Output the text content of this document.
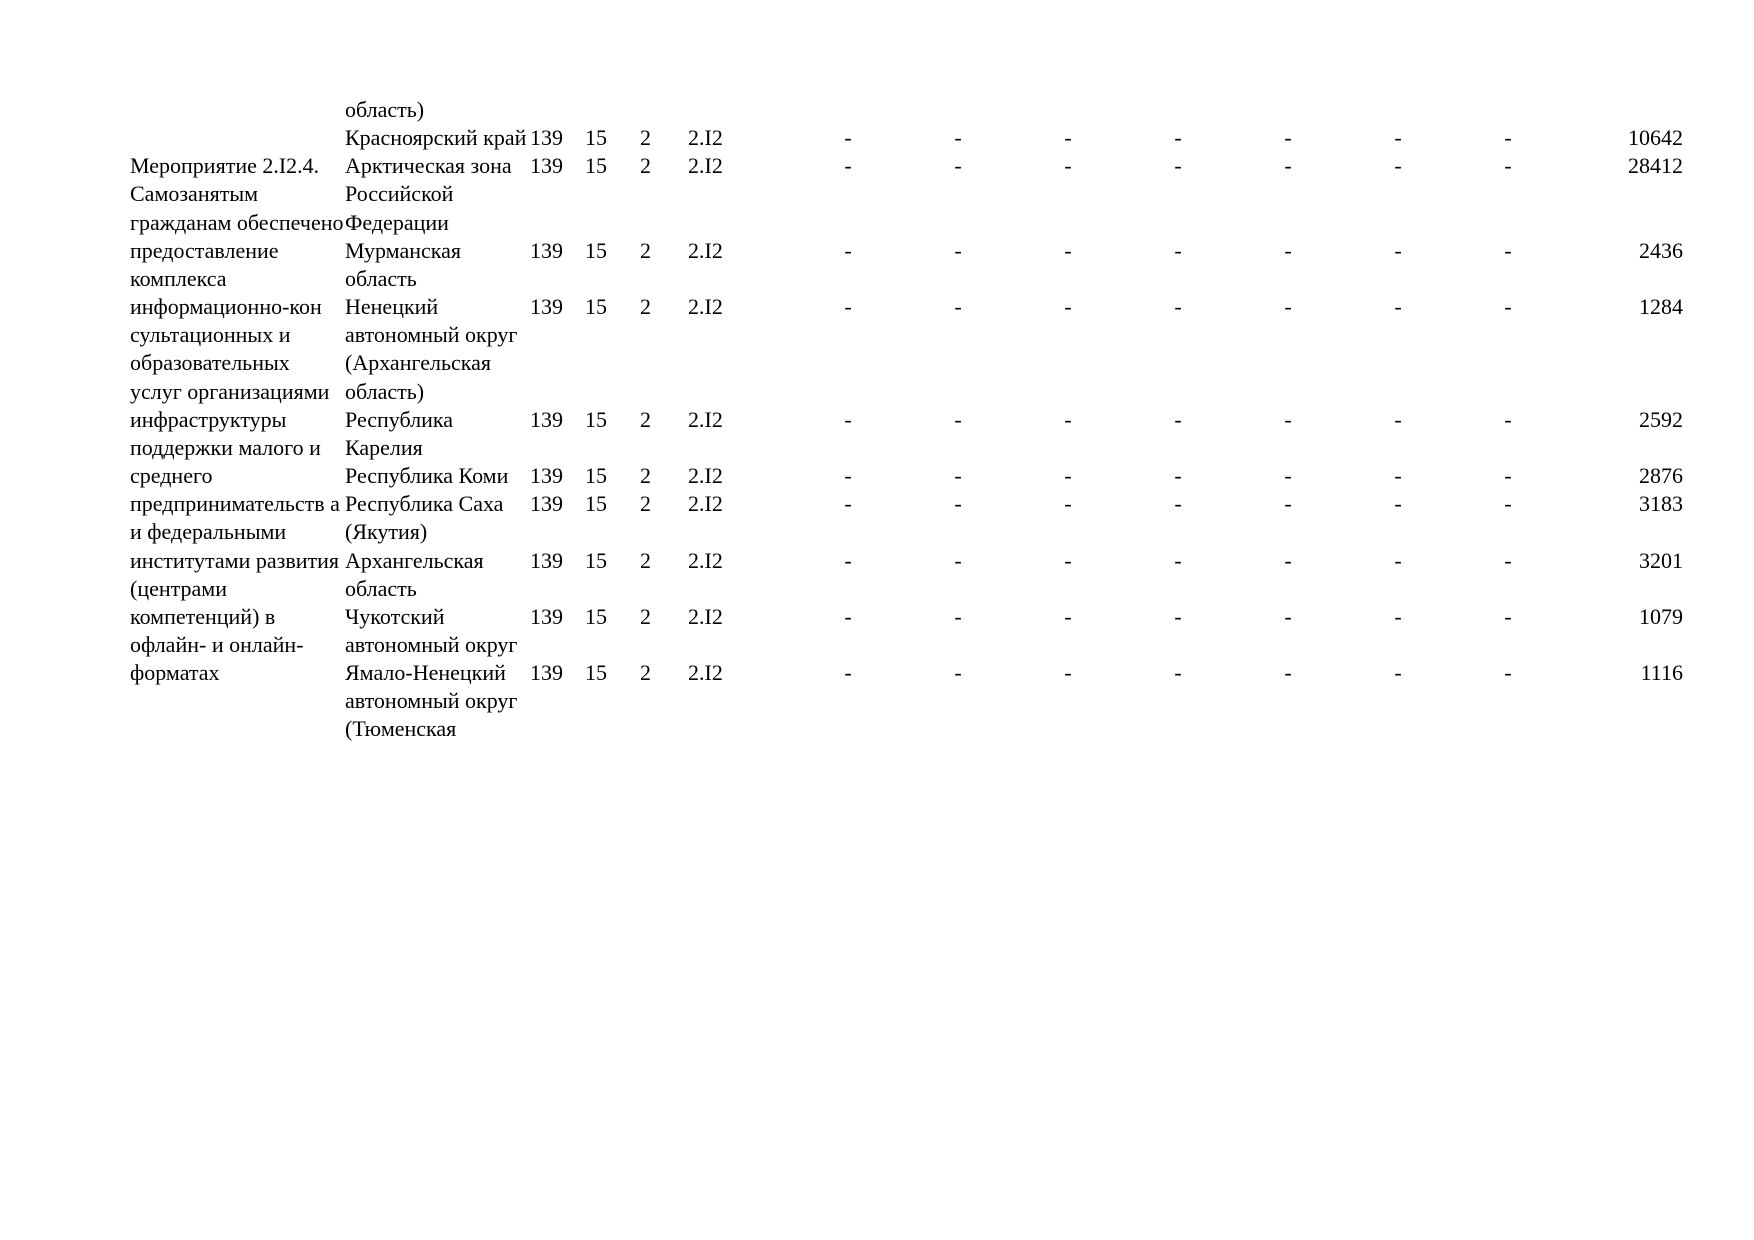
	область)												
	Красноярский край	139	15	2	2.I2	-	-	-	-	-	-	-	10642
Мероприятие 2.I2.4. Самозанятым гражданам обеспечено предоставление комплекса информационно-кон сультационных и образовательных услуг организациями инфраструктуры поддержки малого и среднего предпринимательств а и федеральными институтами развития (центрами компетенций) в офлайн- и онлайн-форматах	Арктическая зона Российской Федерации	139	15	2	2.I2	-	-	-	-	-	-	-	28412
	Мурманская область	139	15	2	2.I2	-	-	-	-	-	-	-	2436
	Ненецкий автономный округ (Архангельская область)	139	15	2	2.I2	-	-	-	-	-	-	-	1284
	Республика Карелия	139	15	2	2.I2	-	-	-	-	-	-	-	2592
	Республика Коми	139	15	2	2.I2	-	-	-	-	-	-	-	2876
	Республика Саха (Якутия)	139	15	2	2.I2	-	-	-	-	-	-	-	3183
	Архангельская область	139	15	2	2.I2	-	-	-	-	-	-	-	3201
	Чукотский автономный округ	139	15	2	2.I2	-	-	-	-	-	-	-	1079
	Ямало-Ненецкий автономный округ (Тюменская	139	15	2	2.I2	-	-	-	-	-	-	-	1116
